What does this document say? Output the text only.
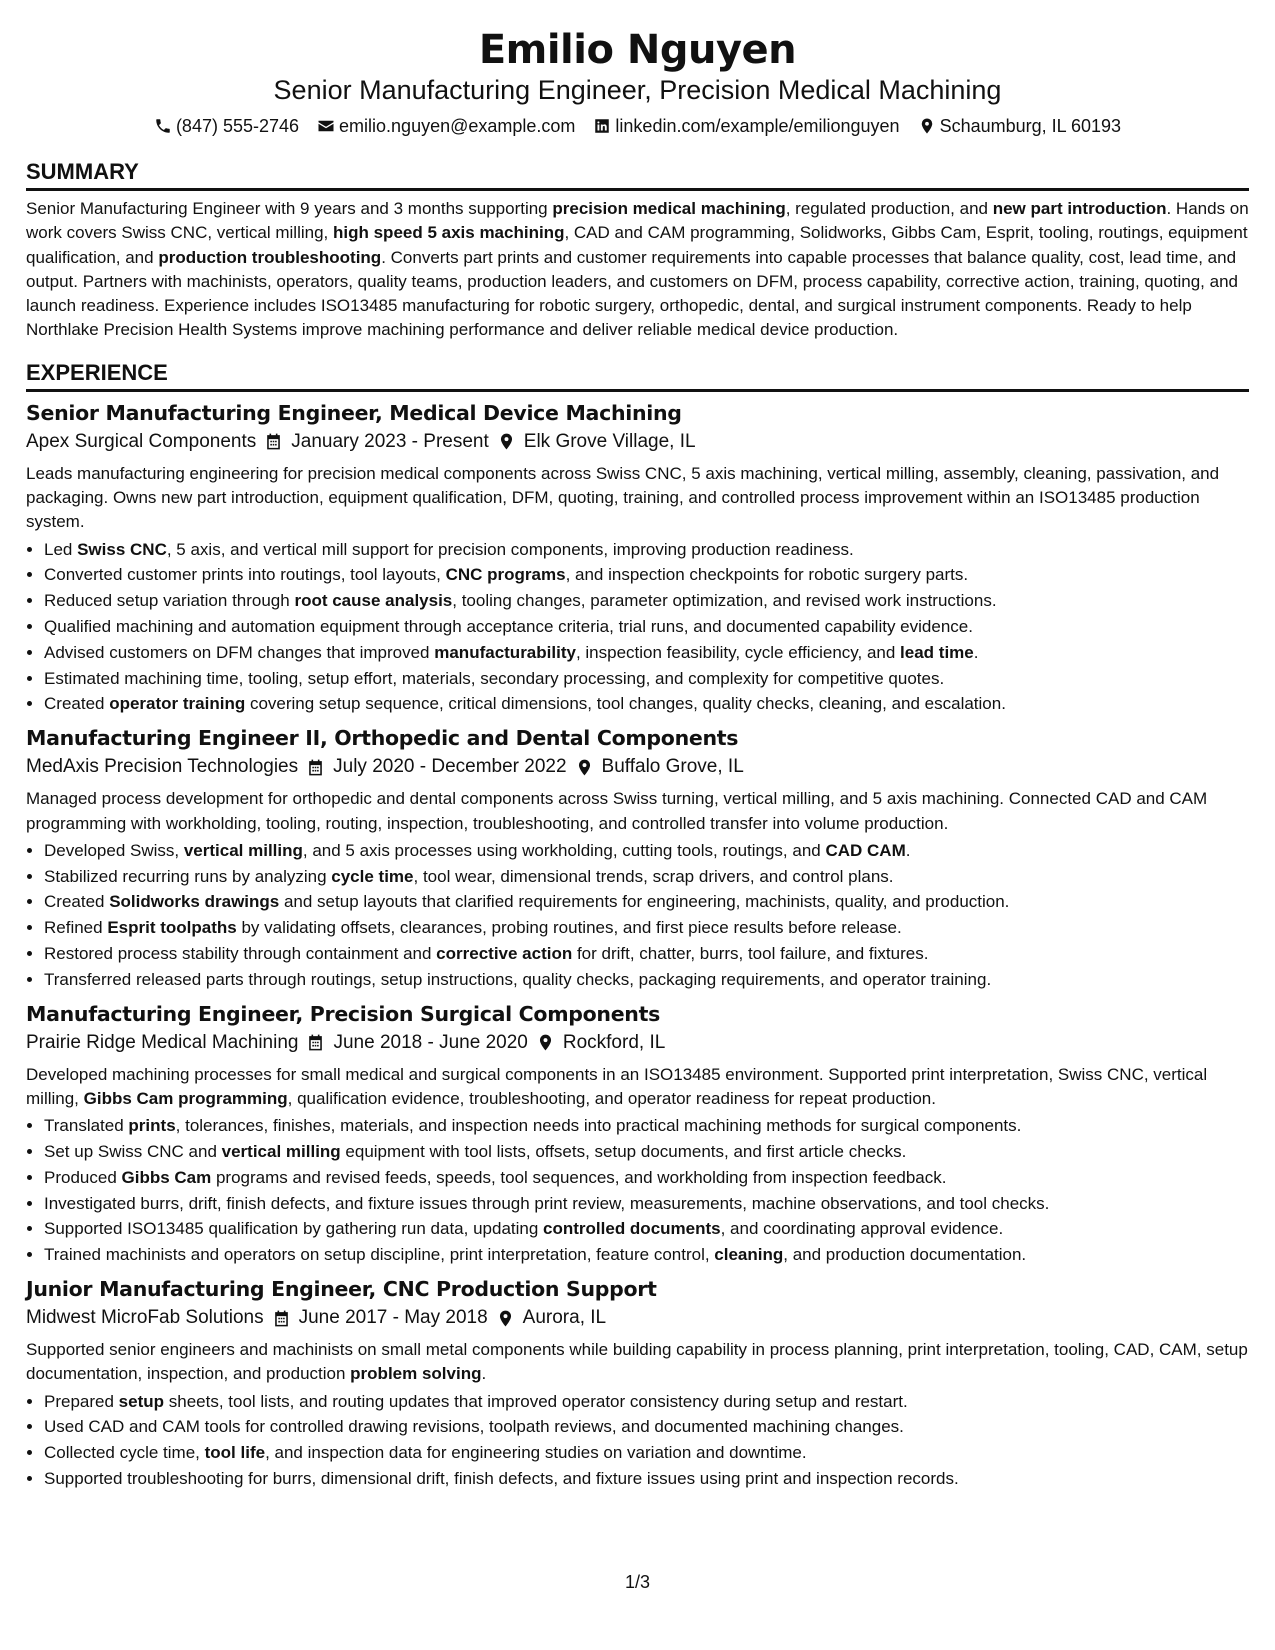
Emilio Nguyen
Senior Manufacturing Engineer, Precision Medical Machining
(847) 555-2746 emilio.nguyen@example.com linkedin.com/example/emilionguyen Schaumburg, IL 60193
SUMMARY
Senior Manufacturing Engineer with 9 years and 3 months supporting precision medical machining, regulated production, and new part introduction. Hands on work covers Swiss CNC, vertical milling, high speed 5 axis machining, CAD and CAM programming, Solidworks, Gibbs Cam, Esprit, tooling, routings, equipment qualification, and production troubleshooting. Converts part prints and customer requirements into capable processes that balance quality, cost, lead time, and output. Partners with machinists, operators, quality teams, production leaders, and customers on DFM, process capability, corrective action, training, quoting, and launch readiness. Experience includes ISO13485 manufacturing for robotic surgery, orthopedic, dental, and surgical instrument components. Ready to help Northlake Precision Health Systems improve machining performance and deliver reliable medical device production.
EXPERIENCE
Senior Manufacturing Engineer, Medical Device Machining
Apex Surgical Components January 2023 - Present Elk Grove Village, IL
Leads manufacturing engineering for precision medical components across Swiss CNC, 5 axis machining, vertical milling, assembly, cleaning, passivation, and packaging. Owns new part introduction, equipment qualification, DFM, quoting, training, and controlled process improvement within an ISO13485 production system.
• Led Swiss CNC, 5 axis, and vertical mill support for precision components, improving production readiness.
• Converted customer prints into routings, tool layouts, CNC programs, and inspection checkpoints for robotic surgery parts.
• Reduced setup variation through root cause analysis, tooling changes, parameter optimization, and revised work instructions.
• Qualified machining and automation equipment through acceptance criteria, trial runs, and documented capability evidence.
• Advised customers on DFM changes that improved manufacturability, inspection feasibility, cycle efficiency, and lead time.
• Estimated machining time, tooling, setup effort, materials, secondary processing, and complexity for competitive quotes.
• Created operator training covering setup sequence, critical dimensions, tool changes, quality checks, cleaning, and escalation.
Manufacturing Engineer II, Orthopedic and Dental Components
MedAxis Precision Technologies July 2020 - December 2022 Buffalo Grove, IL
Managed process development for orthopedic and dental components across Swiss turning, vertical milling, and 5 axis machining. Connected CAD and CAM programming with workholding, tooling, routing, inspection, troubleshooting, and controlled transfer into volume production.
• Developed Swiss, vertical milling, and 5 axis processes using workholding, cutting tools, routings, and CAD CAM.
• Stabilized recurring runs by analyzing cycle time, tool wear, dimensional trends, scrap drivers, and control plans.
• Created Solidworks drawings and setup layouts that clarified requirements for engineering, machinists, quality, and production.
• Refined Esprit toolpaths by validating offsets, clearances, probing routines, and first piece results before release.
• Restored process stability through containment and corrective action for drift, chatter, burrs, tool failure, and fixtures.
• Transferred released parts through routings, setup instructions, quality checks, packaging requirements, and operator training.
Manufacturing Engineer, Precision Surgical Components
Prairie Ridge Medical Machining June 2018 - June 2020 Rockford, IL
Developed machining processes for small medical and surgical components in an ISO13485 environment. Supported print interpretation, Swiss CNC, vertical milling, Gibbs Cam programming, qualification evidence, troubleshooting, and operator readiness for repeat production.
• Translated prints, tolerances, finishes, materials, and inspection needs into practical machining methods for surgical components.
• Set up Swiss CNC and vertical milling equipment with tool lists, offsets, setup documents, and first article checks.
• Produced Gibbs Cam programs and revised feeds, speeds, tool sequences, and workholding from inspection feedback.
• Investigated burrs, drift, finish defects, and fixture issues through print review, measurements, machine observations, and tool checks.
• Supported ISO13485 qualification by gathering run data, updating controlled documents, and coordinating approval evidence.
• Trained machinists and operators on setup discipline, print interpretation, feature control, cleaning, and production documentation.
Junior Manufacturing Engineer, CNC Production Support
Midwest MicroFab Solutions June 2017 - May 2018 Aurora, IL
Supported senior engineers and machinists on small metal components while building capability in process planning, print interpretation, tooling, CAD, CAM, setup documentation, inspection, and production problem solving.
• Prepared setup sheets, tool lists, and routing updates that improved operator consistency during setup and restart.
• Used CAD and CAM tools for controlled drawing revisions, toolpath reviews, and documented machining changes.
• Collected cycle time, tool life, and inspection data for engineering studies on variation and downtime.
• Supported troubleshooting for burrs, dimensional drift, finish defects, and fixture issues using print and inspection records.
1/3
